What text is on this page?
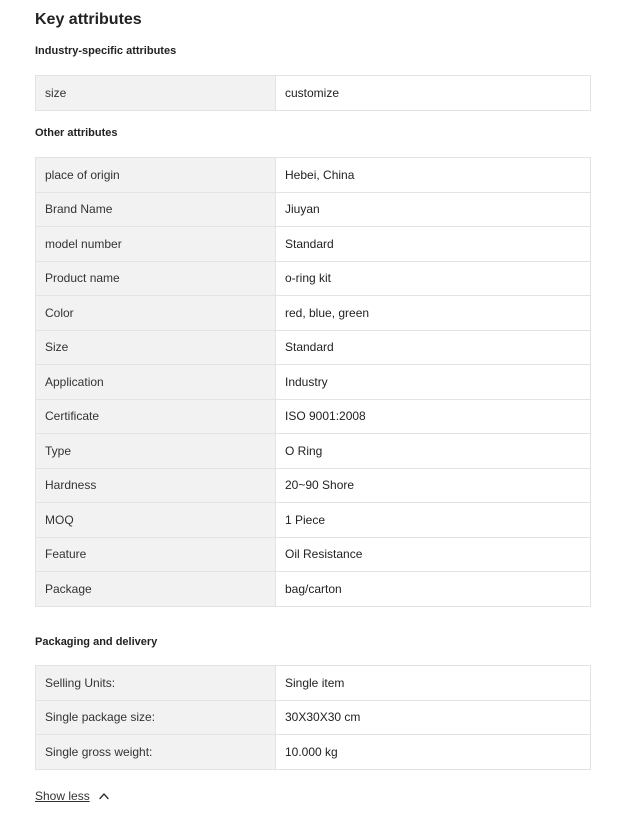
Key attributes
Industry-specific attributes
size	customize
Other attributes
place of origin	Hebei, China
Brand Name	Jiuyan
model number	Standard
Product name	o-ring kit
Color	red, blue, green
Size	Standard
Application	Industry
Certificate	ISO 9001:2008
Type	O Ring
Hardness	20~90 Shore
MOQ	1 Piece
Feature	Oil Resistance
Package	bag/carton
Packaging and delivery
Selling Units:	Single item
Single package size:	30X30X30 cm
Single gross weight:	10.000 kg
Show less
